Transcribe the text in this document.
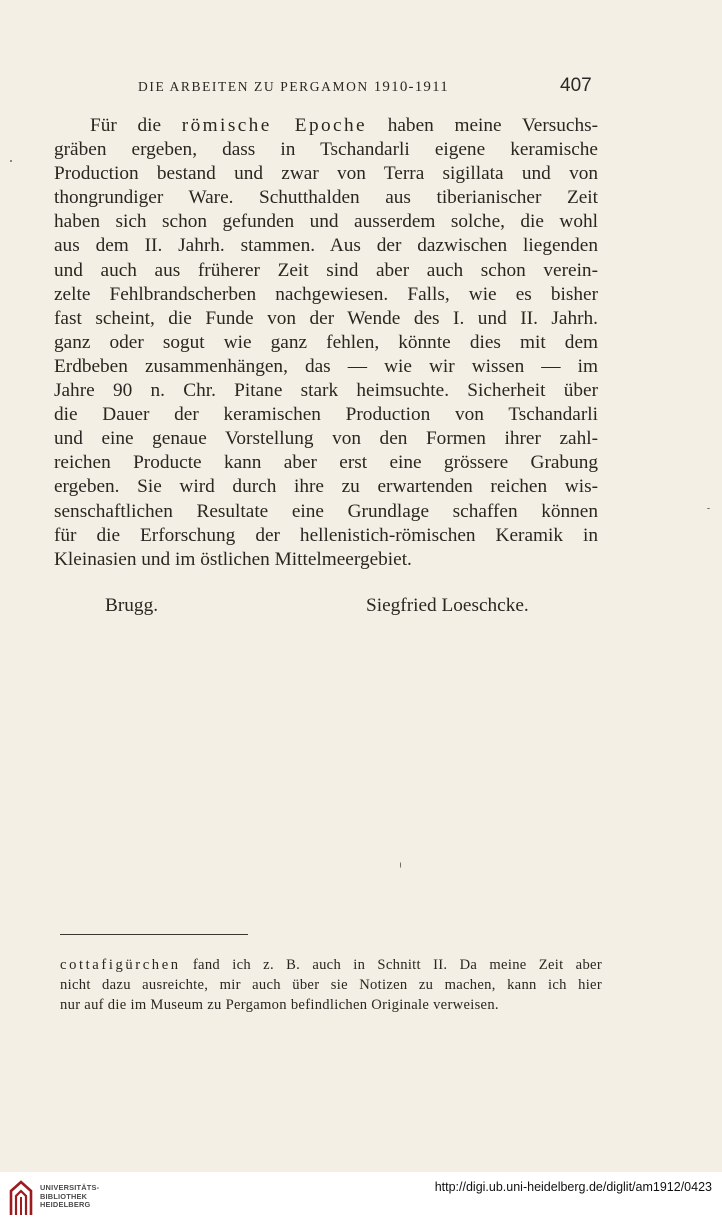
DIE ARBEITEN ZU PERGAMON 1910-1911	407
Für die römische Epoche haben meine Versuchs-
gräben ergeben, dass in Tschandarli eigene keramische
Production bestand und zwar von Terra sigillata und von
thongrundiger Ware. Schutthalden aus tiberianischer Zeit
haben sich schon gefunden und ausserdem solche, die wohl
aus dem II. Jahrh. stammen. Aus der dazwischen liegenden
und auch aus früherer Zeit sind aber auch schon verein-
zelte Fehlbrandscherben nachgewiesen. Falls, wie es bisher
fast scheint, die Funde von der Wende des I. und II. Jahrh.
ganz oder sogut wie ganz fehlen, könnte dies mit dem
Erdbeben zusammenhängen, das — wie wir wissen — im
Jahre 90 n. Chr. Pitane stark heimsuchte. Sicherheit über
die Dauer der keramischen Production von Tschandarli
und eine genaue Vorstellung von den Formen ihrer zahl-
reichen Producte kann aber erst eine grössere Grabung
ergeben. Sie wird durch ihre zu erwartenden reichen wis-
senschaftlichen Resultate eine Grundlage schaffen können
für die Erforschung der hellenistich-römischen Keramik in
Kleinasien und im östlichen Mittelmeergebiet.
Brugg.	Siegfried Loeschcke.
cottafigürchen fand ich z. B. auch in Schnitt II. Da meine Zeit aber
nicht dazu ausreichte, mir auch über sie Notizen zu machen, kann ich hier
nur auf die im Museum zu Pergamon befindlichen Originale verweisen.
UNIVERSITÄTS-
BIBLIOTHEK
HEIDELBERG
http://digi.ub.uni-heidelberg.de/diglit/am1912/0423
